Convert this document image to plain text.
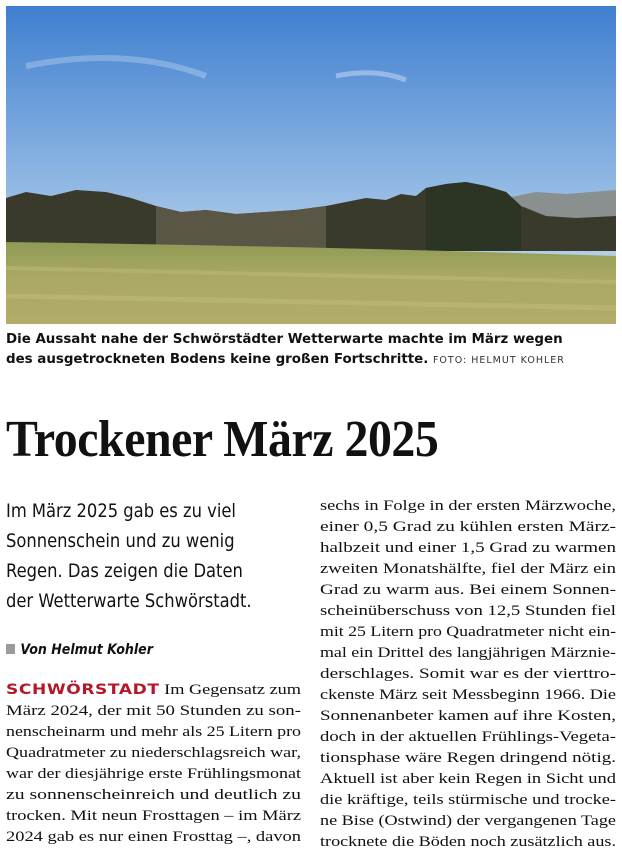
Die Aussaht nahe der Schwörstädter Wetterwarte machte im März wegen
des ausgetrockneten Bodens keine großen Fortschritte. FOTO: HELMUT KOHLER
Trockener März 2025
Im März 2025 gab es zu viel
Sonnenschein und zu wenig
Regen. Das zeigen die Daten
der Wetterwarte Schwörstadt.
Von Helmut Kohler
SCHWÖRSTADT Im Gegensatz zum
März 2024, der mit 50 Stunden zu son-
nenscheinarm und mehr als 25 Litern pro
Quadratmeter zu niederschlagsreich war,
war der diesjährige erste Frühlingsmonat
zu sonnenscheinreich und deutlich zu
trocken. Mit neun Frosttagen – im März
2024 gab es nur einen Frosttag –, davon
sechs in Folge in der ersten Märzwoche,
einer 0,5 Grad zu kühlen ersten März-
halbzeit und einer 1,5 Grad zu warmen
zweiten Monatshälfte, fiel der März ein
Grad zu warm aus. Bei einem Sonnen-
scheinüberschuss von 12,5 Stunden fiel
mit 25 Litern pro Quadratmeter nicht ein-
mal ein Drittel des langjährigen Märznie-
derschlages. Somit war es der vierttro-
ckenste März seit Messbeginn 1966. Die
Sonnenanbeter kamen auf ihre Kosten,
doch in der aktuellen Frühlings-Vegeta-
tionsphase wäre Regen dringend nötig.
Aktuell ist aber kein Regen in Sicht und
die kräftige, teils stürmische und trocke-
ne Bise (Ostwind) der vergangenen Tage
trocknete die Böden noch zusätzlich aus.
